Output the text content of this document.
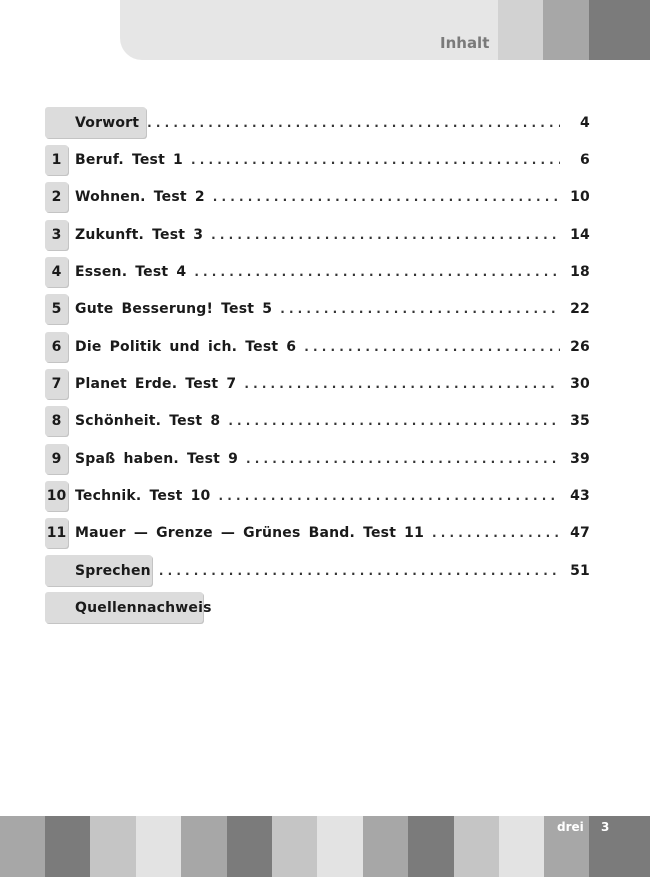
Inhalt
Vorwort . . .	4
1 Beruf. Test 1 . . .	6
2 Wohnen. Test 2 . . .	10
3 Zukunft. Test 3 . . .	14
4 Essen. Test 4 . . .	18
5 Gute Besserung! Test 5 . . .	22
6 Die Politik und ich. Test 6 . . .	26
7 Planet Erde. Test 7 . . .	30
8 Schönheit. Test 8 . . .	35
9 Spaß haben. Test 9 . . .	39
10 Technik. Test 10 . . .	43
11 Mauer — Grenze — Grünes Band. Test 11 . . .	47
Sprechen . . .	51
Quellennachweis
drei 3
